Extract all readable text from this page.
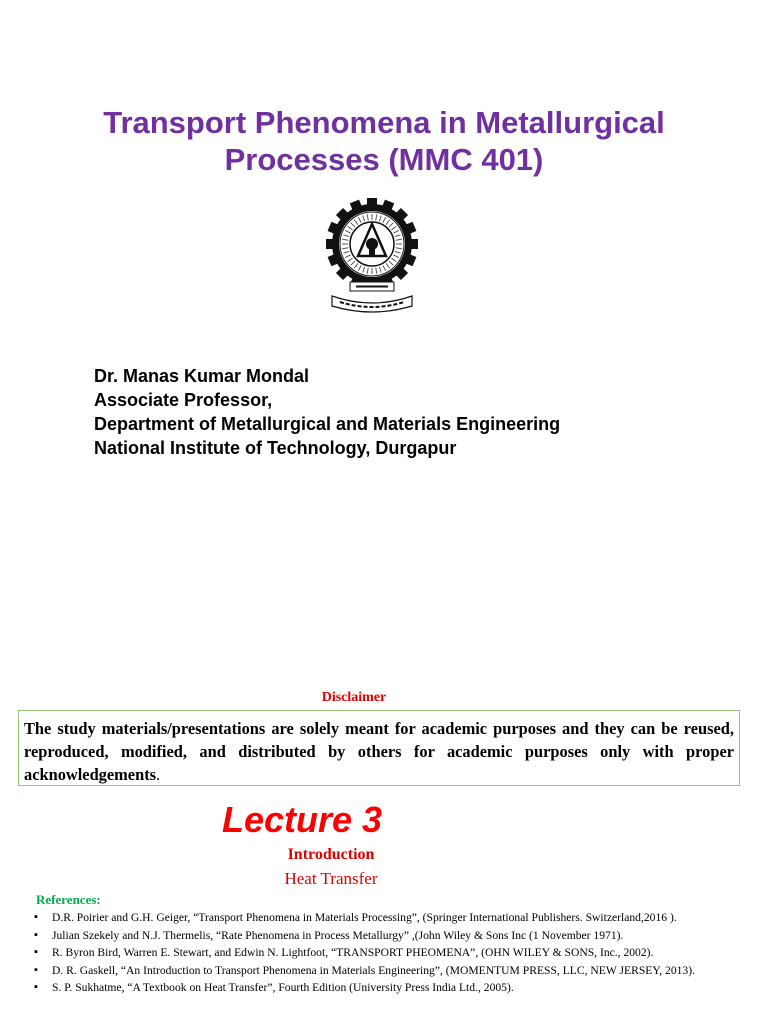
Transport Phenomena in Metallurgical
Processes (MMC 401)
Dr. Manas Kumar Mondal
Associate Professor,
Department of Metallurgical and Materials Engineering
National Institute of Technology, Durgapur
Disclaimer
The study materials/presentations are solely meant for academic purposes and they can be reused, reproduced, modified, and distributed by others for academic purposes only with proper acknowledgements.
Lecture 3
Introduction
Heat Transfer
References:
▪ D.R. Poirier and G.H. Geiger, “Transport Phenomena in Materials Processing”, (Springer International Publishers. Switzerland,2016 ).
▪ Julian Szekely and N.J. Thermelis, “Rate Phenomena in Process Metallurgy” ,(John Wiley & Sons Inc (1 November 1971).
▪ R. Byron Bird, Warren E. Stewart, and Edwin N. Lightfoot, “TRANSPORT PHEOMENA”, (OHN WILEY & SONS, Inc., 2002).
▪ D. R. Gaskell, “An Introduction to Transport Phenomena in Materials Engineering”, (MOMENTUM PRESS, LLC, NEW JERSEY, 2013).
▪ S. P. Sukhatme, “A Textbook on Heat Transfer”, Fourth Edition (University Press India Ltd., 2005).
